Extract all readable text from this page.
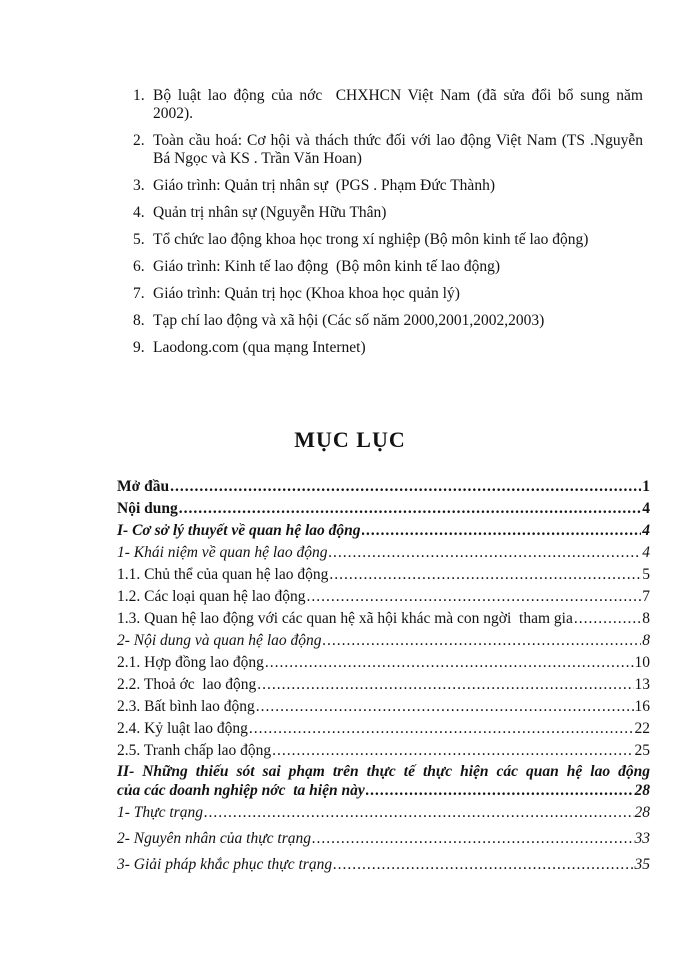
1. Bộ luật lao động của nớc  CHXHCN Việt Nam (đã sửa đổi bổ sung năm 2002).
2. Toàn cầu hoá: Cơ hội và thách thức đối với lao động Việt Nam (TS .Nguyễn Bá Ngọc và KS . Trần Văn Hoan)
3. Giáo trình: Quản trị nhân sự  (PGS . Phạm Đức Thành)
4. Quản trị nhân sự (Nguyễn Hữu Thân)
5. Tổ chức lao động khoa học trong xí nghiệp (Bộ môn kinh tế lao động)
6. Giáo trình: Kinh tế lao động  (Bộ môn kinh tế lao động)
7. Giáo trình: Quản trị học (Khoa khoa học quản lý)
8. Tạp chí lao động và xã hội (Các số năm 2000,2001,2002,2003)
9. Laodong.com (qua mạng Internet)
MỤC LỤC
Mở đầu .....	1
Nội dung .....	4
I- Cơ sở lý thuyết về quan hệ lao động .....	4
1- Khái niệm về quan hệ lao động .....	4
1.1. Chủ thể của quan hệ lao động .....	5
1.2. Các loại quan hệ lao động .....	7
1.3. Quan hệ lao động với các quan hệ xã hội khác mà con ngời  tham gia .....	8
2- Nội dung và quan hệ lao động .....	8
2.1. Hợp đồng lao động .....	10
2.2. Thoả ớc  lao động .....	13
2.3. Bất bình lao động .....	16
2.4. Kỷ luật lao động .....	22
2.5. Tranh chấp lao động .....	25
II- Những thiếu sót sai phạm trên thực tế thực hiện các quan hệ lao động
của các doanh nghiệp nớc  ta hiện này .....	28
1- Thực trạng .....	28
2- Nguyên nhân của thực trạng .....	33
3- Giải pháp khắc phục thực trạng .....	35
